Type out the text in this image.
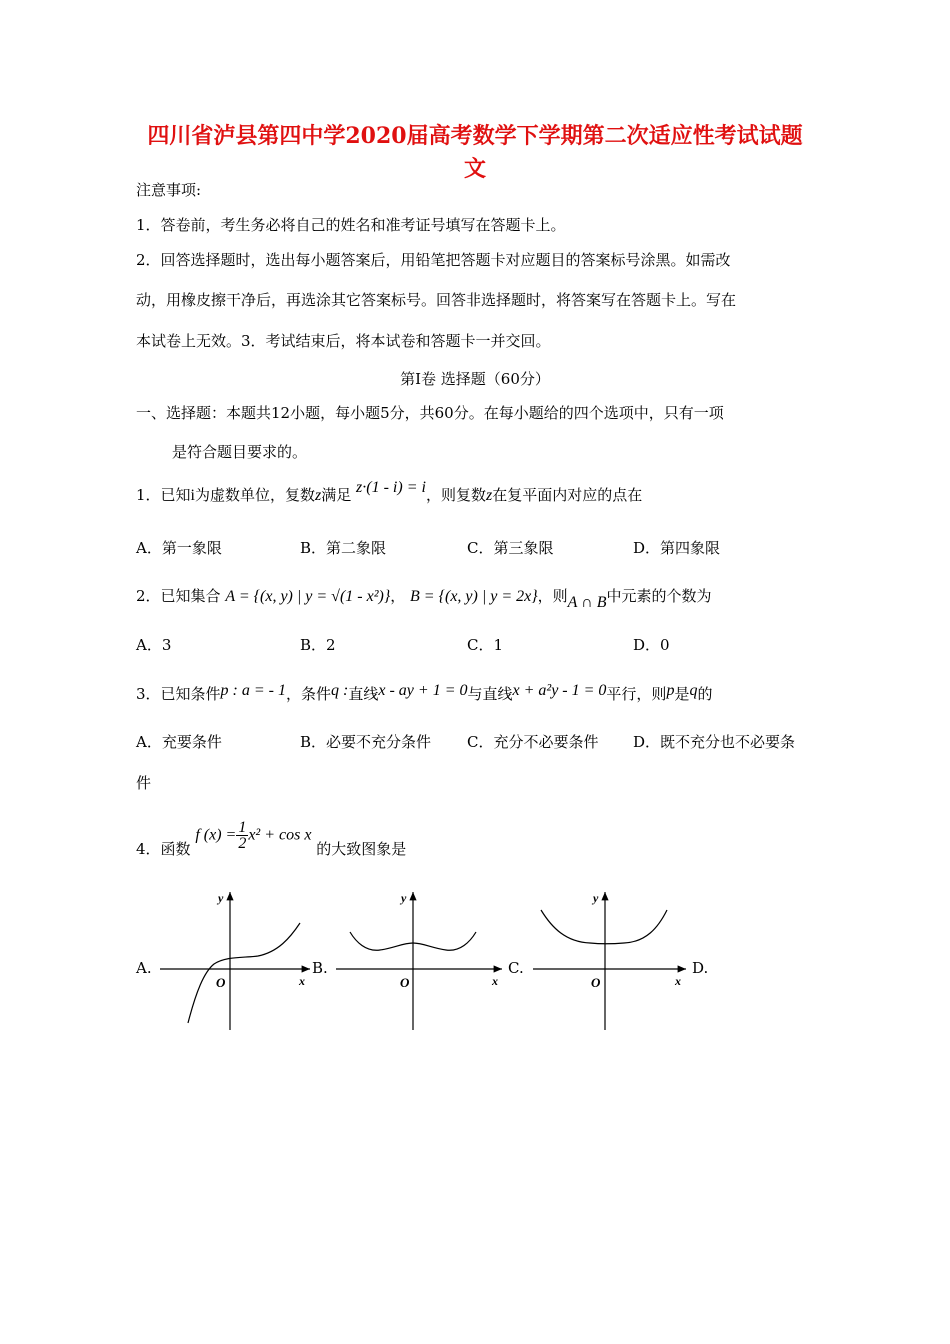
四川省泸县第四中学2020届高考数学下学期第二次适应性考试试题
文
注意事项:
1．答卷前，考生务必将自己的姓名和准考证号填写在答题卡上。
2．回答选择题时，选出每小题答案后，用铅笔把答题卡对应题目的答案标号涂黑。如需改
动，用橡皮擦干净后，再选涂其它答案标号。回答非选择题时，将答案写在答题卡上。写在
本试卷上无效。3．考试结束后，将本试卷和答题卡一并交回。
第I卷 选择题（60分）
一、选择题：本题共12小题，每小题5分，共60分。在每小题给的四个选项中，只有一项
是符合题目要求的。
1．已知i为虚数单位，复数z满足 z·(1 - i) = i，则复数z在复平面内对应的点在
A．第一象限	B．第二象限	C．第三象限	D．第四象限
2．已知集合 A = {(x, y) | y = √(1 - x²)}， B = {(x, y) | y = 2x}，则A ∩ B中元素的个数为
A．3	B．2	C．1	D．0
3．已知条件p : a = - 1，条件q :直线x - ay + 1 = 0与直线x + a²y - 1 = 0平行，则p是q的
A．充要条件	B．必要不充分条件 C．充分不必要条件 D．既不充分也不必要条
件
4．函数 f $(x) = \frac{1}{2} x^2 + \cos x$ 的大致图象是
A.	B.	C.	D.
y
x
O
y
x
O
y
x
O
